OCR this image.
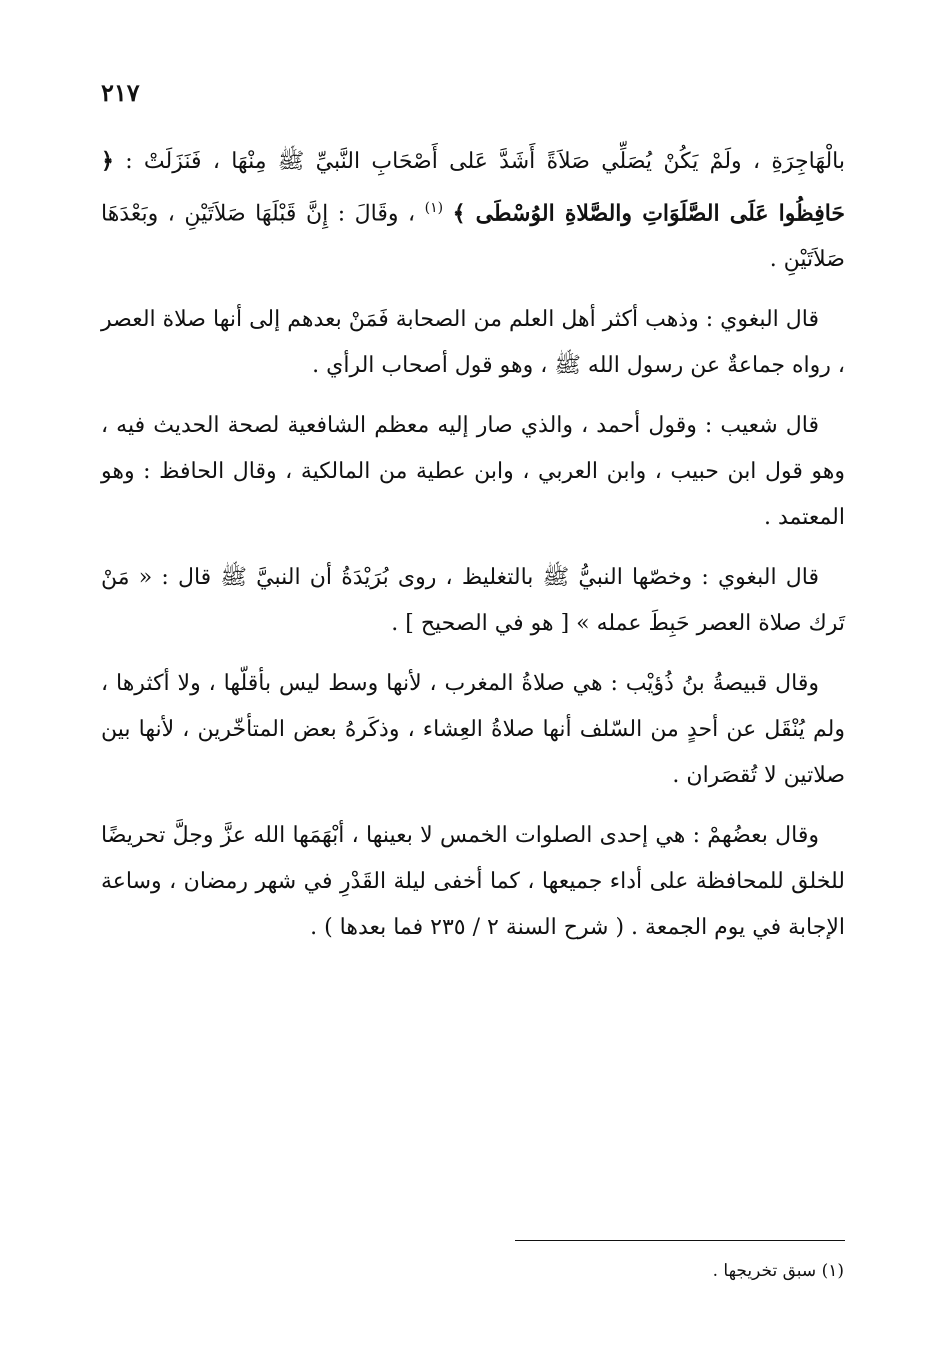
٢١٧

بالْهَاجِرَةِ ، ولَمْ يَكُنْ يُصَلِّي صَلاَةً أَشَدَّ عَلى أَصْحَابِ النَّبيِّ ﷺ مِنْهَا ، فَنَزَلَتْ : ﴿ حَافِظُوا عَلَى الصَّلَوَاتِ والصَّلاةِ الوُسْطَى ﴾ $^{(١)}$ ، وقَالَ : إِنَّ قَبْلَهَا صَلاَتَيْنِ ، وبَعْدَهَا صَلاَتَيْنِ .

قال البغوي : وذهب أكثر أهل العلم من الصحابة فَمَنْ بعدهم إلى أنها صلاة العصر ، رواه جماعةٌ عن رسول الله ﷺ ، وهو قول أصحاب الرأي .

قال شعيب : وقول أحمد ، والذي صار إليه معظم الشافعية لصحة الحديث فيه ، وهو قول ابن حبيب ، وابن العربي ، وابن عطية من المالكية ، وقال الحافظ : وهو المعتمد .

قال البغوي : وخصّها النبيُّ ﷺ بالتغليظ ، روى بُرَيْدَةُ أن النبيَّ ﷺ قال : « مَنْ تَرك صلاة العصر حَبِطَ عمله » [ هو في الصحيح ] .

وقال قبيصةُ بنُ ذُؤيْب : هي صلاةُ المغرب ، لأنها وسط ليس بأقلّها ، ولا أكثرها ، ولم يُنْقَل عن أحدٍ من السّلف أنها صلاةُ العِشاء ، وذكَرهُ بعض المتأخّرين ، لأنها بين صلاتين لا تُقصَران .

وقال بعضُهمْ : هي إحدى الصلوات الخمس لا بعينها ، أبْهَمَها الله عزَّ وجلَّ تحريضًا للخلق للمحافظة على أداء جميعها ، كما أخفى ليلة القَدْرِ في شهر رمضان ، وساعة الإجابة في يوم الجمعة . ( شرح السنة ٢ / ٢٣٥ فما بعدها ) .

(١) سبق تخريجها .
